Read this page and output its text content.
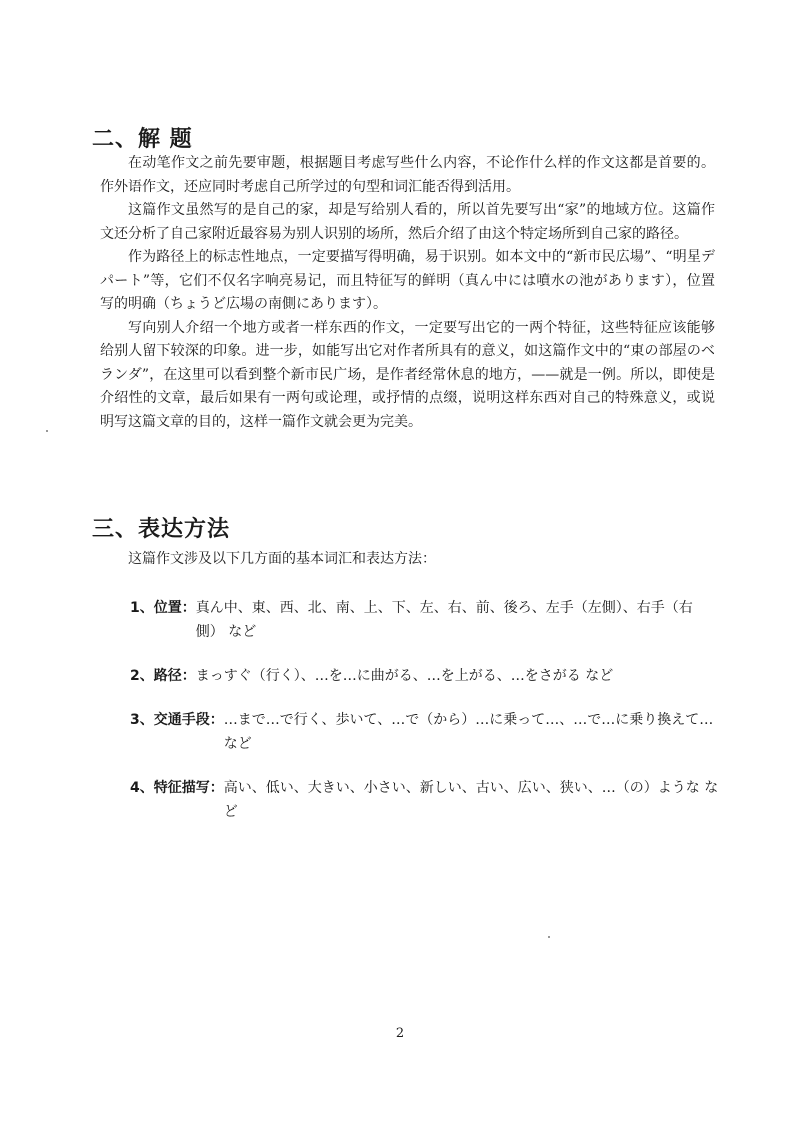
二、解 题

在动笔作文之前先要审题，根据题目考虑写些什么内容，不论作什么样的作文这都是首要的。作外语作文，还应同时考虑自己所学过的句型和词汇能否得到活用。

这篇作文虽然写的是自己的家，却是写给别人看的，所以首先要写出“家”的地域方位。这篇作文还分析了自己家附近最容易为别人识别的场所，然后介绍了由这个特定场所到自己家的路径。

作为路径上的标志性地点，一定要描写得明确，易于识别。如本文中的“新市民広場”、“明星デパート”等，它们不仅名字响亮易记，而且特征写的鲜明（真ん中には噴水の池があります），位置写的明确（ちょうど広場の南側にあります）。

写向别人介绍一个地方或者一样东西的作文，一定要写出它的一两个特征，这些特征应该能够给别人留下较深的印象。进一步，如能写出它对作者所具有的意义，如这篇作文中的“東の部屋のベランダ”，在这里可以看到整个新市民广场，是作者经常休息的地方，——就是一例。所以，即使是介绍性的文章，最后如果有一两句或论理，或抒情的点缀，说明这样东西对自己的特殊意义，或说明写这篇文章的目的，这样一篇作文就会更为完美。

三、表达方法
这篇作文涉及以下几方面的基本词汇和表达方法：
1、位置： 真ん中、東、西、北、南、上、下、左、右、前、後ろ、左手（左側）、右手（右側） など
2、路径： まっすぐ（行く）、…を…に曲がる、…を上がる、…をさがる など
3、交通手段： …まで…で行く、歩いて、…で（から）…に乗って…、…で…に乗り換えて… など
4、特征描写： 高い、低い、大きい、小さい、新しい、古い、広い、狭い、…（の）ような など
2
